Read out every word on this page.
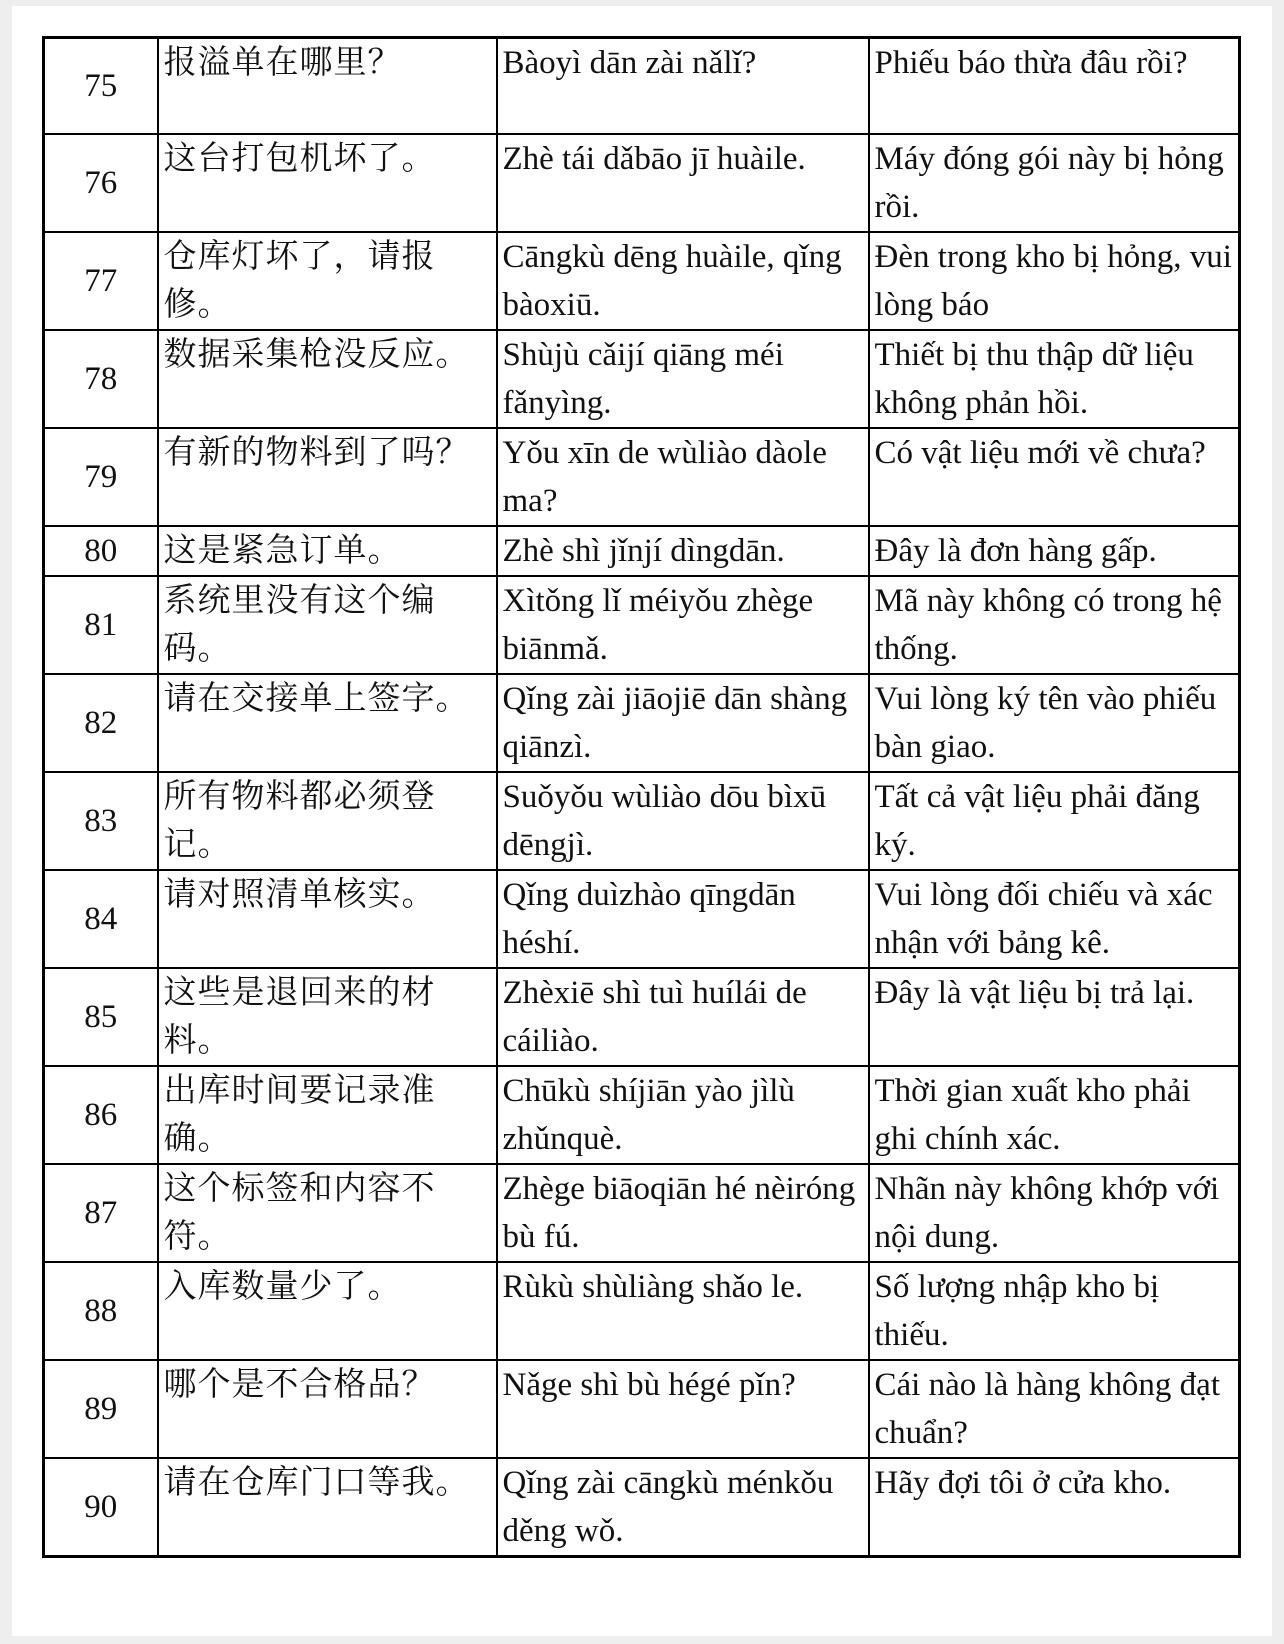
75	报溢单在哪里？	Bàoyì dān zài nǎlǐ?	Phiếu báo thừa đâu rồi?
76	这台打包机坏了。	Zhè tái dǎbāo jī huàile.	Máy đóng gói này bị hỏng rồi.
77	仓库灯坏了，请报修。	Cāngkù dēng huàile, qǐng bàoxiū.	Đèn trong kho bị hỏng, vui lòng báo
78	数据采集枪没反应。	Shùjù cǎijí qiāng méi fǎnyìng.	Thiết bị thu thập dữ liệu không phản hồi.
79	有新的物料到了吗？	Yǒu xīn de wùliào dàole ma?	Có vật liệu mới về chưa?
80	这是紧急订单。	Zhè shì jǐnjí dìngdān.	Đây là đơn hàng gấp.
81	系统里没有这个编码。	Xìtǒng lǐ méiyǒu zhège biānmǎ.	Mã này không có trong hệ thống.
82	请在交接单上签字。	Qǐng zài jiāojiē dān shàng qiānzì.	Vui lòng ký tên vào phiếu bàn giao.
83	所有物料都必须登记。	Suǒyǒu wùliào dōu bìxū dēngjì.	Tất cả vật liệu phải đăng ký.
84	请对照清单核实。	Qǐng duìzhào qīngdān héshí.	Vui lòng đối chiếu và xác nhận với bảng kê.
85	这些是退回来的材料。	Zhèxiē shì tuì huílái de cáiliào.	Đây là vật liệu bị trả lại.
86	出库时间要记录准确。	Chūkù shíjiān yào jìlù zhǔnquè.	Thời gian xuất kho phải ghi chính xác.
87	这个标签和内容不符。	Zhège biāoqiān hé nèiróng bù fú.	Nhãn này không khớp với nội dung.
88	入库数量少了。	Rùkù shùliàng shǎo le.	Số lượng nhập kho bị thiếu.
89	哪个是不合格品？	Nǎge shì bù hégé pǐn?	Cái nào là hàng không đạt chuẩn?
90	请在仓库门口等我。	Qǐng zài cāngkù ménkǒu děng wǒ.	Hãy đợi tôi ở cửa kho.
